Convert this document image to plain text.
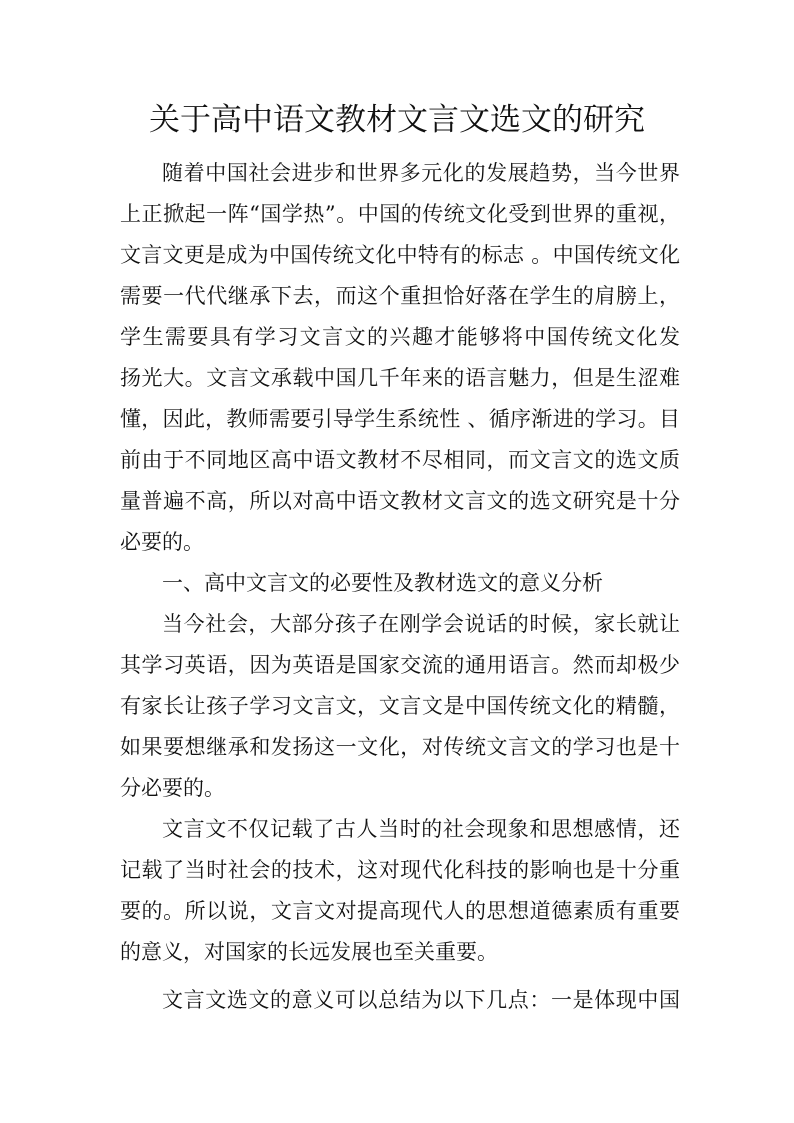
关于高中语文教材文言文选文的研究
随着中国社会进步和世界多元化的发展趋势，当今世界
上正掀起一阵“国学热”。中国的传统文化受到世界的重视，
文言文更是成为中国传统文化中特有的标志 。中国传统文化
需要一代代继承下去，而这个重担恰好落在学生的肩膀上，
学生需要具有学习文言文的兴趣才能够将中国传统文化发
扬光大。文言文承载中国几千年来的语言魅力，但是生涩难
懂，因此，教师需要引导学生系统性 、循序渐进的学习。目
前由于不同地区高中语文教材不尽相同，而文言文的选文质
量普遍不高，所以对高中语文教材文言文的选文研究是十分
必要的。
一、高中文言文的必要性及教材选文的意义分析
当今社会，大部分孩子在刚学会说话的时候，家长就让
其学习英语，因为英语是国家交流的通用语言。然而却极少
有家长让孩子学习文言文，文言文是中国传统文化的精髓，
如果要想继承和发扬这一文化，对传统文言文的学习也是十
分必要的。
文言文不仅记载了古人当时的社会现象和思想感情，还
记载了当时社会的技术，这对现代化科技的影响也是十分重
要的。所以说，文言文对提高现代人的思想道德素质有重要
的意义，对国家的长远发展也至关重要。
文言文选文的意义可以总结为以下几点：一是体现中国
